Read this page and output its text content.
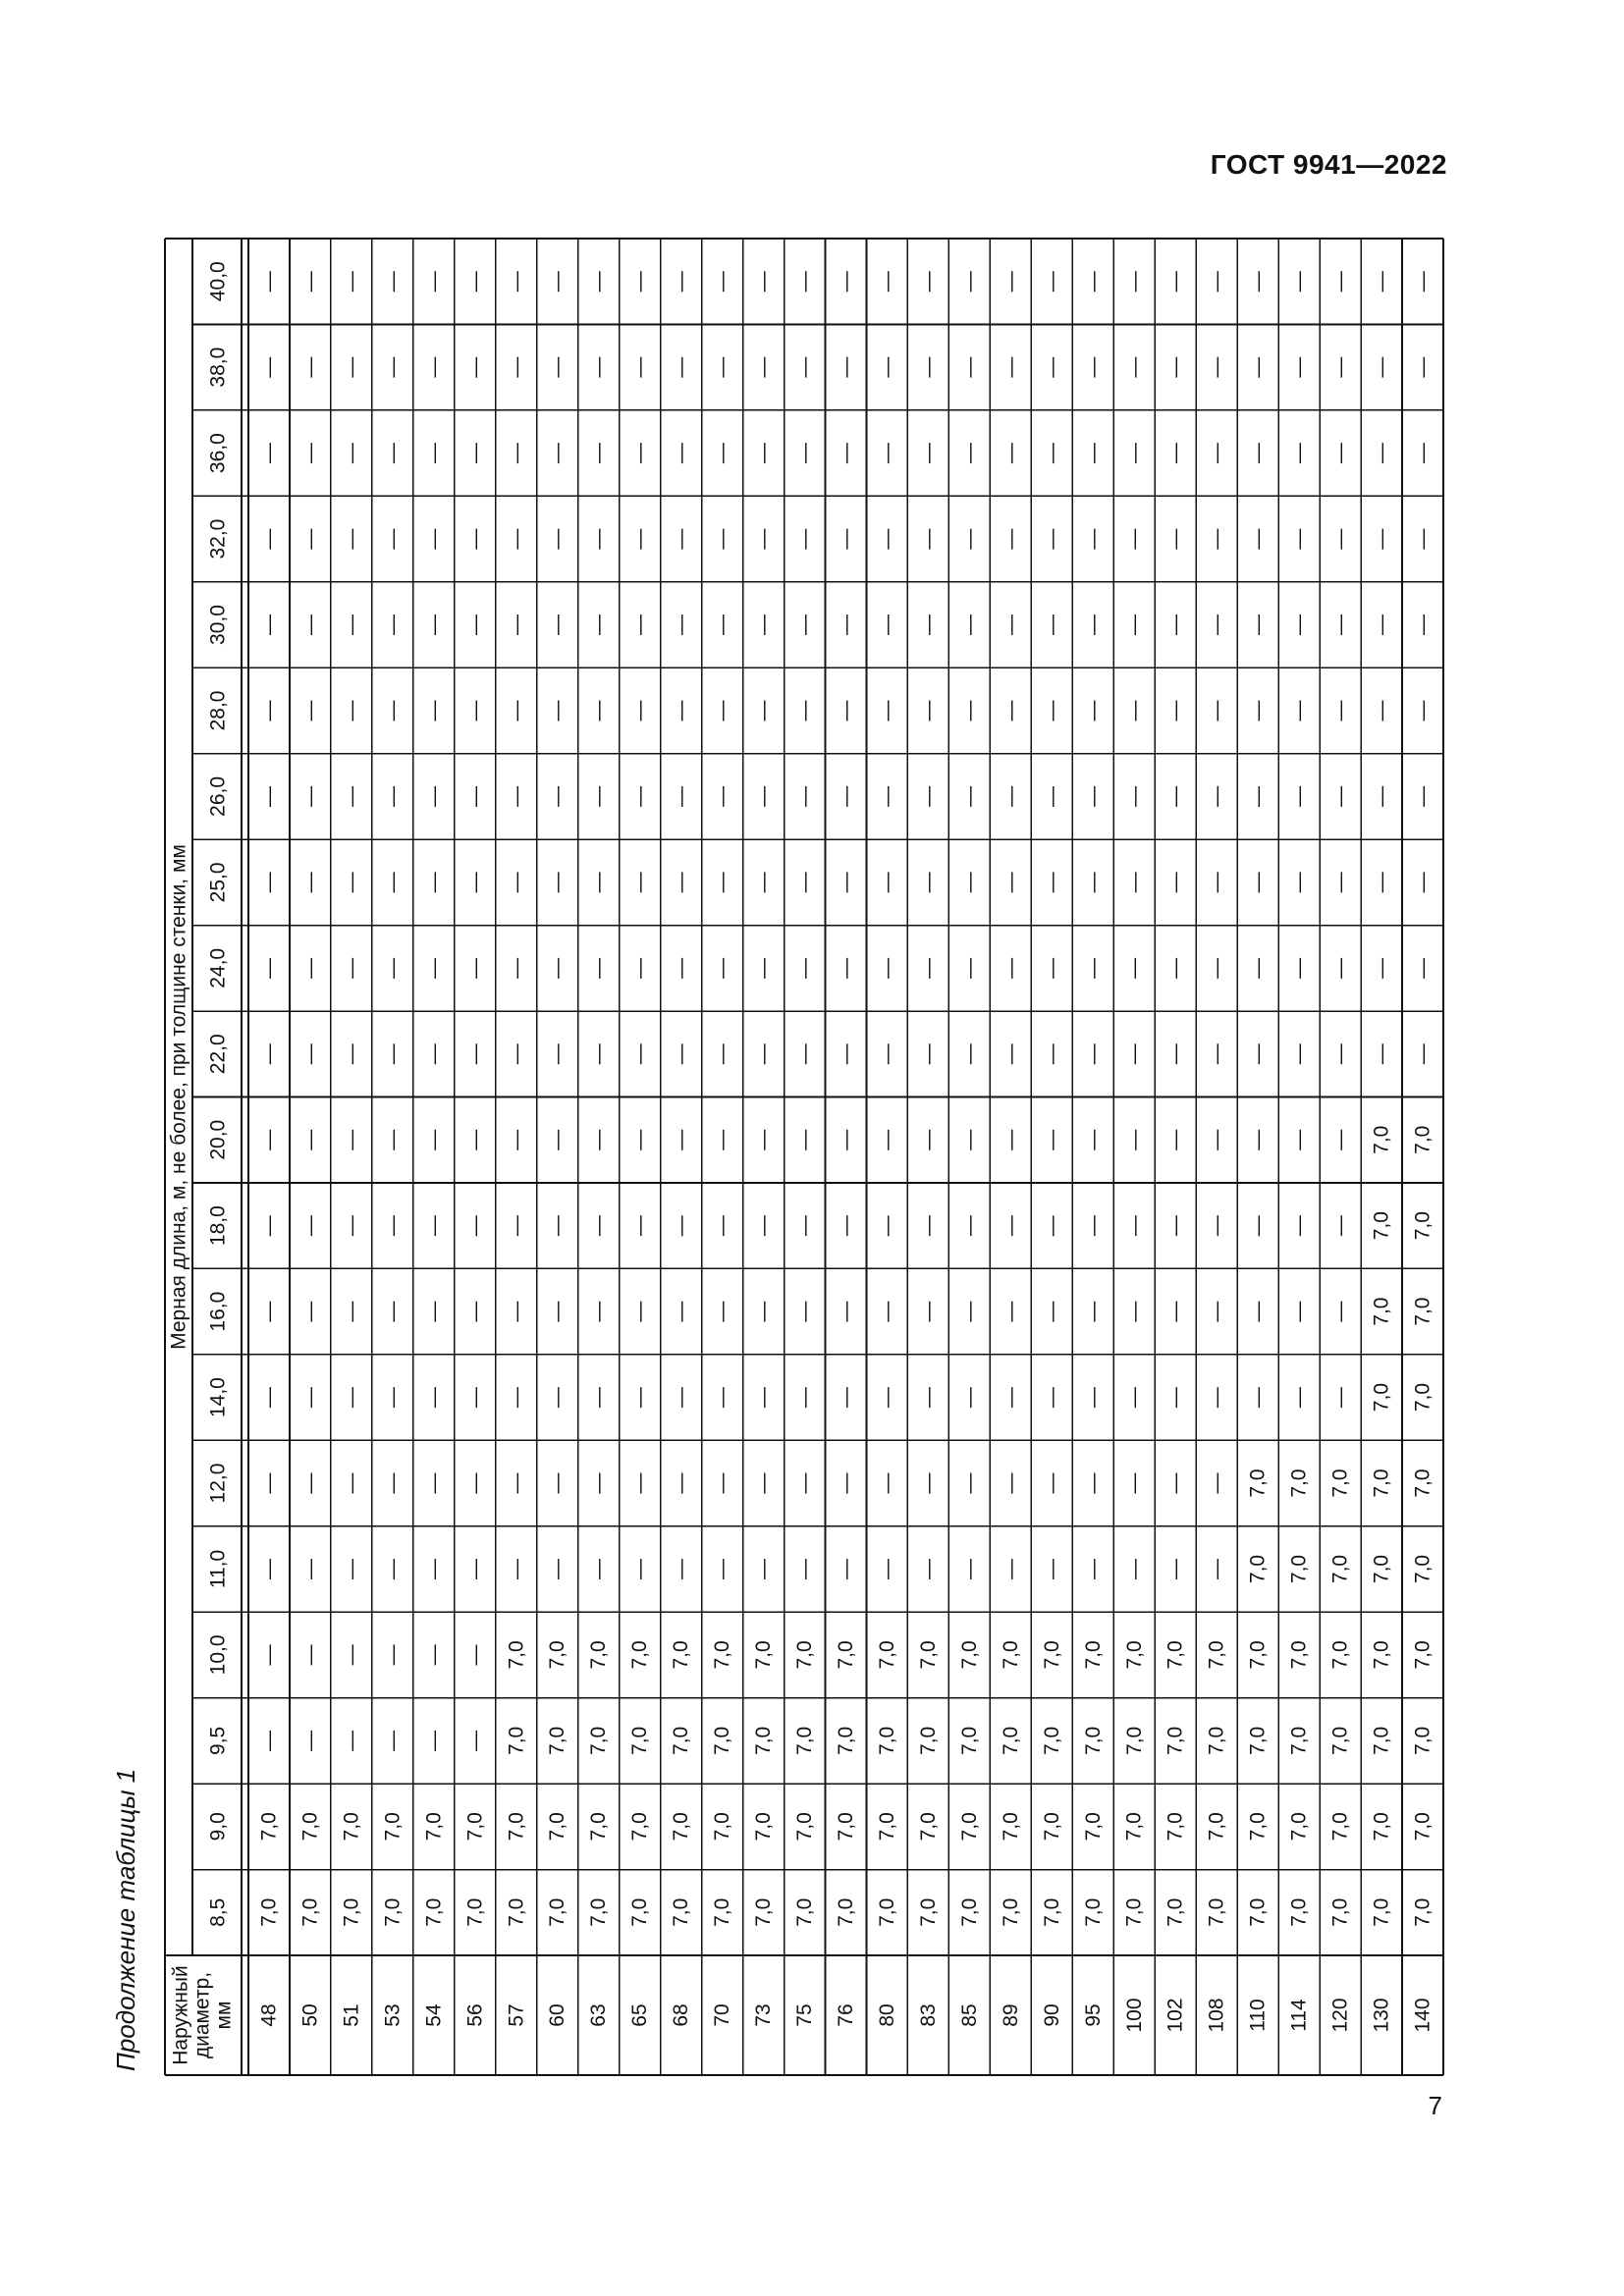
ГОСТ 9941—2022
Продолжение таблицы 1
7
Наружный диаметр, мм
Мерная длина, м, не более, при толщине стенки, мм
8,5
9,0
9,5
10,0
11,0
12,0
14,0
16,0
18,0
20,0
22,0
24,0
25,0
26,0
28,0
30,0
32,0
36,0
38,0
40,0
48
7,0
7,0
—
—
—
—
—
—
—
—
—
—
—
—
—
—
—
—
—
—
50
7,0
7,0
—
—
—
—
—
—
—
—
—
—
—
—
—
—
—
—
—
—
51
7,0
7,0
—
—
—
—
—
—
—
—
—
—
—
—
—
—
—
—
—
—
53
7,0
7,0
—
—
—
—
—
—
—
—
—
—
—
—
—
—
—
—
—
—
54
7,0
7,0
—
—
—
—
—
—
—
—
—
—
—
—
—
—
—
—
—
—
56
7,0
7,0
—
—
—
—
—
—
—
—
—
—
—
—
—
—
—
—
—
—
57
7,0
7,0
7,0
7,0
—
—
—
—
—
—
—
—
—
—
—
—
—
—
—
—
60
7,0
7,0
7,0
7,0
—
—
—
—
—
—
—
—
—
—
—
—
—
—
—
—
63
7,0
7,0
7,0
7,0
—
—
—
—
—
—
—
—
—
—
—
—
—
—
—
—
65
7,0
7,0
7,0
7,0
—
—
—
—
—
—
—
—
—
—
—
—
—
—
—
—
68
7,0
7,0
7,0
7,0
—
—
—
—
—
—
—
—
—
—
—
—
—
—
—
—
70
7,0
7,0
7,0
7,0
—
—
—
—
—
—
—
—
—
—
—
—
—
—
—
—
73
7,0
7,0
7,0
7,0
—
—
—
—
—
—
—
—
—
—
—
—
—
—
—
—
75
7,0
7,0
7,0
7,0
—
—
—
—
—
—
—
—
—
—
—
—
—
—
—
—
76
7,0
7,0
7,0
7,0
—
—
—
—
—
—
—
—
—
—
—
—
—
—
—
—
80
7,0
7,0
7,0
7,0
—
—
—
—
—
—
—
—
—
—
—
—
—
—
—
—
83
7,0
7,0
7,0
7,0
—
—
—
—
—
—
—
—
—
—
—
—
—
—
—
—
85
7,0
7,0
7,0
7,0
—
—
—
—
—
—
—
—
—
—
—
—
—
—
—
—
89
7,0
7,0
7,0
7,0
—
—
—
—
—
—
—
—
—
—
—
—
—
—
—
—
90
7,0
7,0
7,0
7,0
—
—
—
—
—
—
—
—
—
—
—
—
—
—
—
—
95
7,0
7,0
7,0
7,0
—
—
—
—
—
—
—
—
—
—
—
—
—
—
—
—
100
7,0
7,0
7,0
7,0
—
—
—
—
—
—
—
—
—
—
—
—
—
—
—
—
102
7,0
7,0
7,0
7,0
—
—
—
—
—
—
—
—
—
—
—
—
—
—
—
—
108
7,0
7,0
7,0
7,0
—
—
—
—
—
—
—
—
—
—
—
—
—
—
—
—
110
7,0
7,0
7,0
7,0
7,0
7,0
—
—
—
—
—
—
—
—
—
—
—
—
—
—
114
7,0
7,0
7,0
7,0
7,0
7,0
—
—
—
—
—
—
—
—
—
—
—
—
—
—
120
7,0
7,0
7,0
7,0
7,0
7,0
—
—
—
—
—
—
—
—
—
—
—
—
—
—
130
7,0
7,0
7,0
7,0
7,0
7,0
7,0
7,0
7,0
7,0
—
—
—
—
—
—
—
—
—
—
140
7,0
7,0
7,0
7,0
7,0
7,0
7,0
7,0
7,0
7,0
—
—
—
—
—
—
—
—
—
—
